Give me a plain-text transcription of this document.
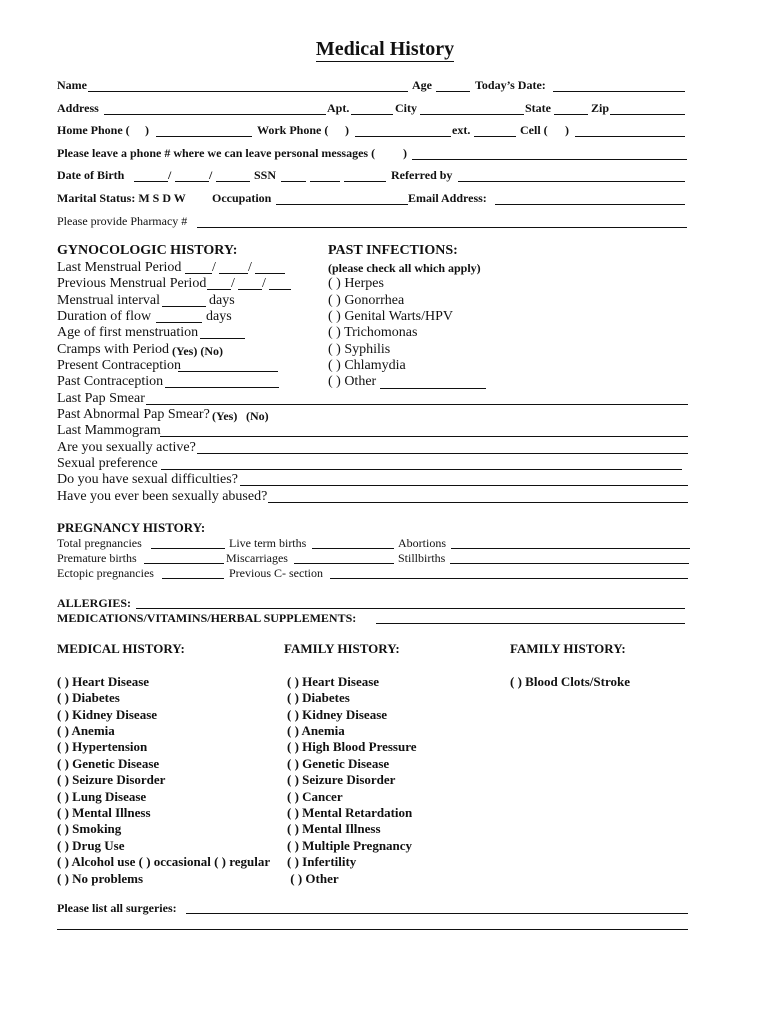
Medical History
Name	Age	Today’s Date:
Address	Apt.	City	State	Zip
Home Phone ( )	Work Phone ( )	ext.	Cell ( )
Please leave a phone # where we can leave personal messages ( )
Date of Birth	/	/	SSN	Referred by
Marital Status: M S D W Occupation	Email Address:
Please provide Pharmacy #
GYNOCOLOGIC HISTORY:
Last Menstrual Period / /
Previous Menstrual Period / /
Menstrual interval	days
Duration of flow	days
Age of first menstruation
Cramps with Period (Yes) (No)
Present Contraception
Past Contraception
Last Pap Smear
Past Abnormal Pap Smear? (Yes) (No)
Last Mammogram
Are you sexually active?
Sexual preference
Do you have sexual difficulties?
Have you ever been sexually abused?
PAST INFECTIONS:
(please check all which apply)
( ) Herpes
( ) Gonorrhea
( ) Genital Warts/HPV
( ) Trichomonas
( ) Syphilis
( ) Chlamydia
( ) Other
PREGNANCY HISTORY:
Total pregnancies	Live term births	Abortions
Premature births	Miscarriages	Stillbirths
Ectopic pregnancies	Previous C- section
ALLERGIES:
MEDICATIONS/VITAMINS/HERBAL SUPPLEMENTS:
MEDICAL HISTORY:	FAMILY HISTORY:	FAMILY HISTORY:
( ) Heart Disease
( ) Diabetes
( ) Kidney Disease
( ) Anemia
( ) Hypertension
( ) Genetic Disease
( ) Seizure Disorder
( ) Lung Disease
( ) Mental Illness
( ) Smoking
( ) Drug Use
( ) Alcohol use ( ) occasional ( ) regular
( ) No problems
( ) Heart Disease
( ) Diabetes
( ) Kidney Disease
( ) Anemia
( ) High Blood Pressure
( ) Genetic Disease
( ) Seizure Disorder
( ) Cancer
( ) Mental Retardation
( ) Mental Illness
( ) Multiple Pregnancy
( ) Infertility
( ) Other
( ) Blood Clots/Stroke
Please list all surgeries:
